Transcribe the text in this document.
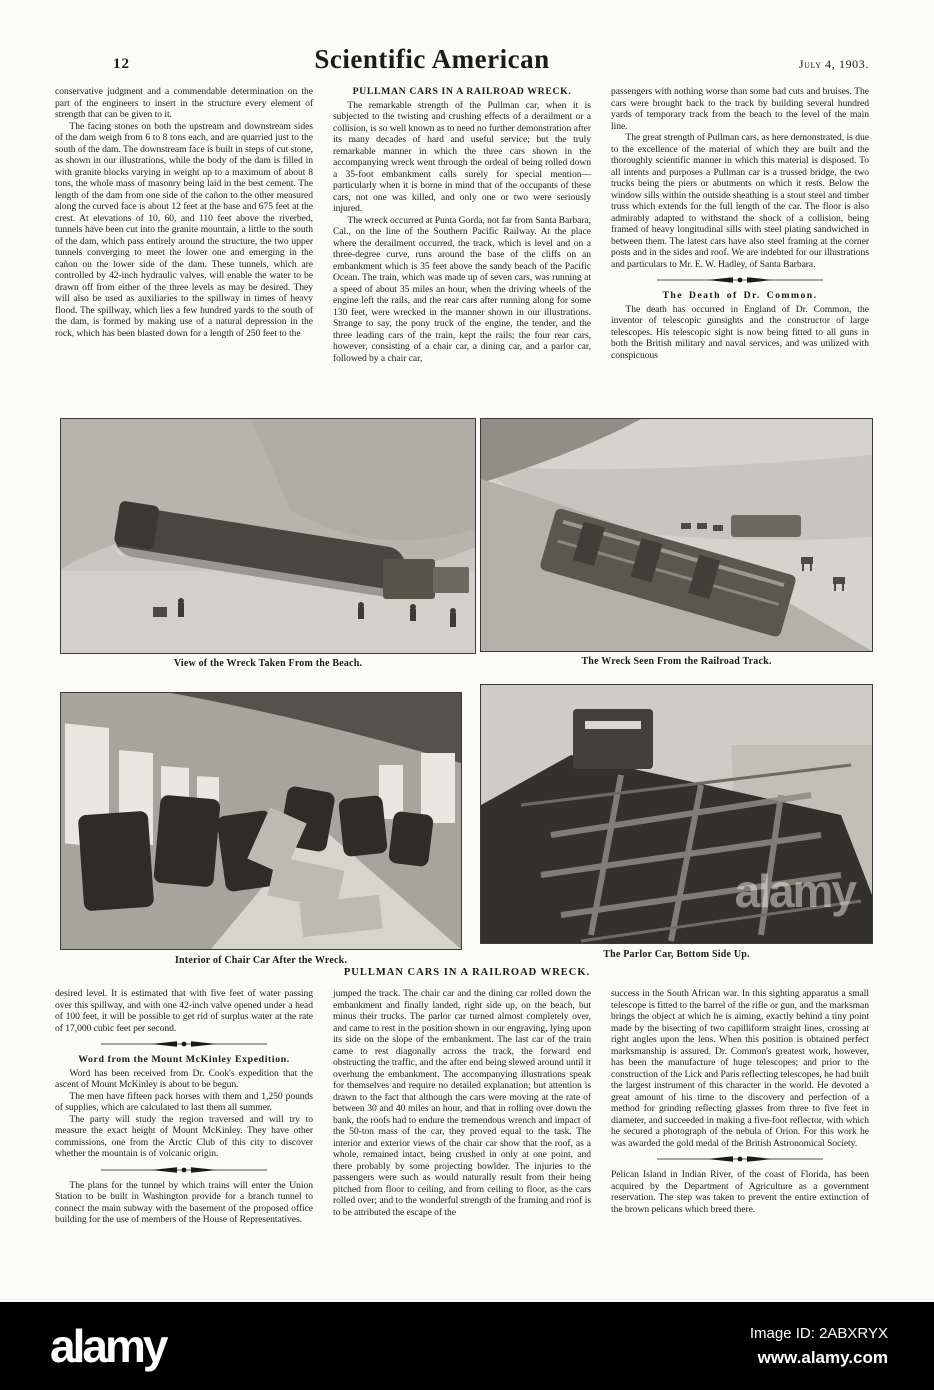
12	Scientific American	July 4, 1903.

conservative judgment and a commendable determination on the part of the engineers to insert in the structure every element of strength that can be given to it.

The facing stones on both the upstream and downstream sides of the dam weigh from 6 to 8 tons each, and are quarried just to the south of the dam. The downstream face is built in steps of cut stone, as shown in our illustrations, while the body of the dam is filled in with granite blocks varying in weight up to a maximum of about 8 tons, the whole mass of masonry being laid in the best cement. The length of the dam from one side of the cañon to the other measured along the curved face is about 12 feet at the base and 675 feet at the crest. At elevations of 10, 60, and 110 feet above the riverbed, tunnels have been cut into the granite mountain, a little to the south of the dam, which pass entirely around the structure, the two upper tunnels converging to meet the lower one and emerging in the cañon on the lower side of the dam. These tunnels, which are controlled by 42-inch hydraulic valves, will enable the water to be drawn off from either of the three levels as may be desired. They will also be used as auxiliaries to the spillway in times of heavy flood. The spillway, which lies a few hundred yards to the south of the dam, is formed by making use of a natural depression in the rock, which has been blasted down for a length of 250 feet to the

PULLMAN CARS IN A RAILROAD WRECK.

The remarkable strength of the Pullman car, when it is subjected to the twisting and crushing effects of a derailment or a collision, is so well known as to need no further demonstration after its many decades of hard and useful service; but the truly remarkable manner in which the three cars shown in the accompanying wreck went through the ordeal of being rolled down a 35-foot embankment calls surely for special mention—particularly when it is borne in mind that of the occupants of these cars, not one was killed, and only one or two were seriously injured.

The wreck occurred at Punta Gorda, not far from Santa Barbara, Cal., on the line of the Southern Pacific Railway. At the place where the derailment occurred, the track, which is level and on a three-degree curve, runs around the base of the cliffs on an embankment which is 35 feet above the sandy beach of the Pacific Ocean. The train, which was made up of seven cars, was running at a speed of about 35 miles an hour, when the driving wheels of the engine left the rails, and the rear cars after running along for some 130 feet, were wrecked in the manner shown in our illustrations. Strange to say, the pony truck of the engine, the tender, and the three leading cars of the train, kept the rails; the four rear cars, however, consisting of a chair car, a dining car, and a parlor car, followed by a chair car,

passengers with nothing worse than some bad cuts and bruises. The cars were brought back to the track by building several hundred yards of temporary track from the beach to the level of the main line.

The great strength of Pullman cars, as here demonstrated, is due to the excellence of the material of which they are built and the thoroughly scientific manner in which this material is disposed. To all intents and purposes a Pullman car is a trussed bridge, the two trucks being the piers or abutments on which it rests. Below the window sills within the outside sheathing is a stout steel and timber truss which extends for the full length of the car. The floor is also admirably adapted to withstand the shock of a collision, being framed of heavy longitudinal sills with steel plating sandwiched in between them. The latest cars have also steel framing at the corner posts and in the sides and roof. We are indebted for our illustrations and particulars to Mr. E. W. Hadley, of Santa Barbara.

The Death of Dr. Common.

The death has occurred in England of Dr. Common, the inventor of telescopic gunsights and the constructor of large telescopes. His telescopic sight is now being fitted to all guns in both the British military and naval services, and was utilized with conspicuous

View of the Wreck Taken From the Beach.	The Wreck Seen From the Railroad Track.
Interior of Chair Car After the Wreck.
alamy
The Parlor Car, Bottom Side Up.
PULLMAN CARS IN A RAILROAD WRECK.

desired level. It is estimated that with five feet of water passing over this spillway, and with one 42-inch valve opened under a head of 100 feet, it will be possible to get rid of surplus water at the rate of 17,000 cubic feet per second.

Word from the Mount McKinley Expedition.

Word has been received from Dr. Cook's expedition that the ascent of Mount McKinley is about to be begun.

The men have fifteen pack horses with them and 1,250 pounds of supplies, which are calculated to last them all summer.

The party will study the region traversed and will try to measure the exact height of Mount McKinley. They have other commissions, one from the Arctic Club of this city to discover whether the mountain is of volcanic origin.

The plans for the tunnel by which trains will enter the Union Station to be built in Washington provide for a branch tunnel to connect the main subway with the basement of the proposed office building for the use of members of the House of Representatives.

jumped the track. The chair car and the dining car rolled down the embankment and finally landed, right side up, on the beach, but minus their trucks. The parlor car turned almost completely over, and came to rest in the position shown in our engraving, lying upon its side on the slope of the embankment. The last car of the train came to rest diagonally across the track, the forward end obstructing the traffic, and the after end being slewed around until it overhung the embankment. The accompanying illustrations speak for themselves and require no detailed explanation; but attention is drawn to the fact that although the cars were moving at the rate of between 30 and 40 miles an hour, and that in rolling over down the bank, the roofs had to endure the tremendous wrench and impact of the 50-ton mass of the car, they proved equal to the task. The interior and exterior views of the chair car show that the roof, as a whole, remained intact, being crushed in only at one point, and there probably by some projecting bowlder. The injuries to the passengers were such as would naturally result from their being pitched from floor to ceiling, and from ceiling to floor, as the cars rolled over; and to the wonderful strength of the framing and roof is to be attributed the escape of the

success in the South African war. In this sighting apparatus a small telescope is fitted to the barrel of the rifle or gun, and the marksman brings the object at which he is aiming, exactly behind a tiny point made by the bisecting of two capilliform straight lines, crossing at right angles upon the lens. When this position is obtained perfect marksmanship is assured. Dr. Common's greatest work, however, has been the manufacture of huge telescopes; and prior to the construction of the Lick and Paris reflecting telescopes, he had built the largest instrument of this character in the world. He devoted a great amount of his time to the discovery and perfection of a method for grinding reflecting glasses from three to five feet in diameter, and succeeded in making a five-foot reflector, with which he secured a photograph of the nebula of Orion. For this work he was awarded the gold medal of the British Astronomical Society.

Pelican Island in Indian River, of the coast of Florida, has been acquired by the Department of Agriculture as a government reservation. The step was taken to prevent the entire extinction of the brown pelicans which breed there.

alamy	Image ID: 2ABXRYX
www.alamy.com
